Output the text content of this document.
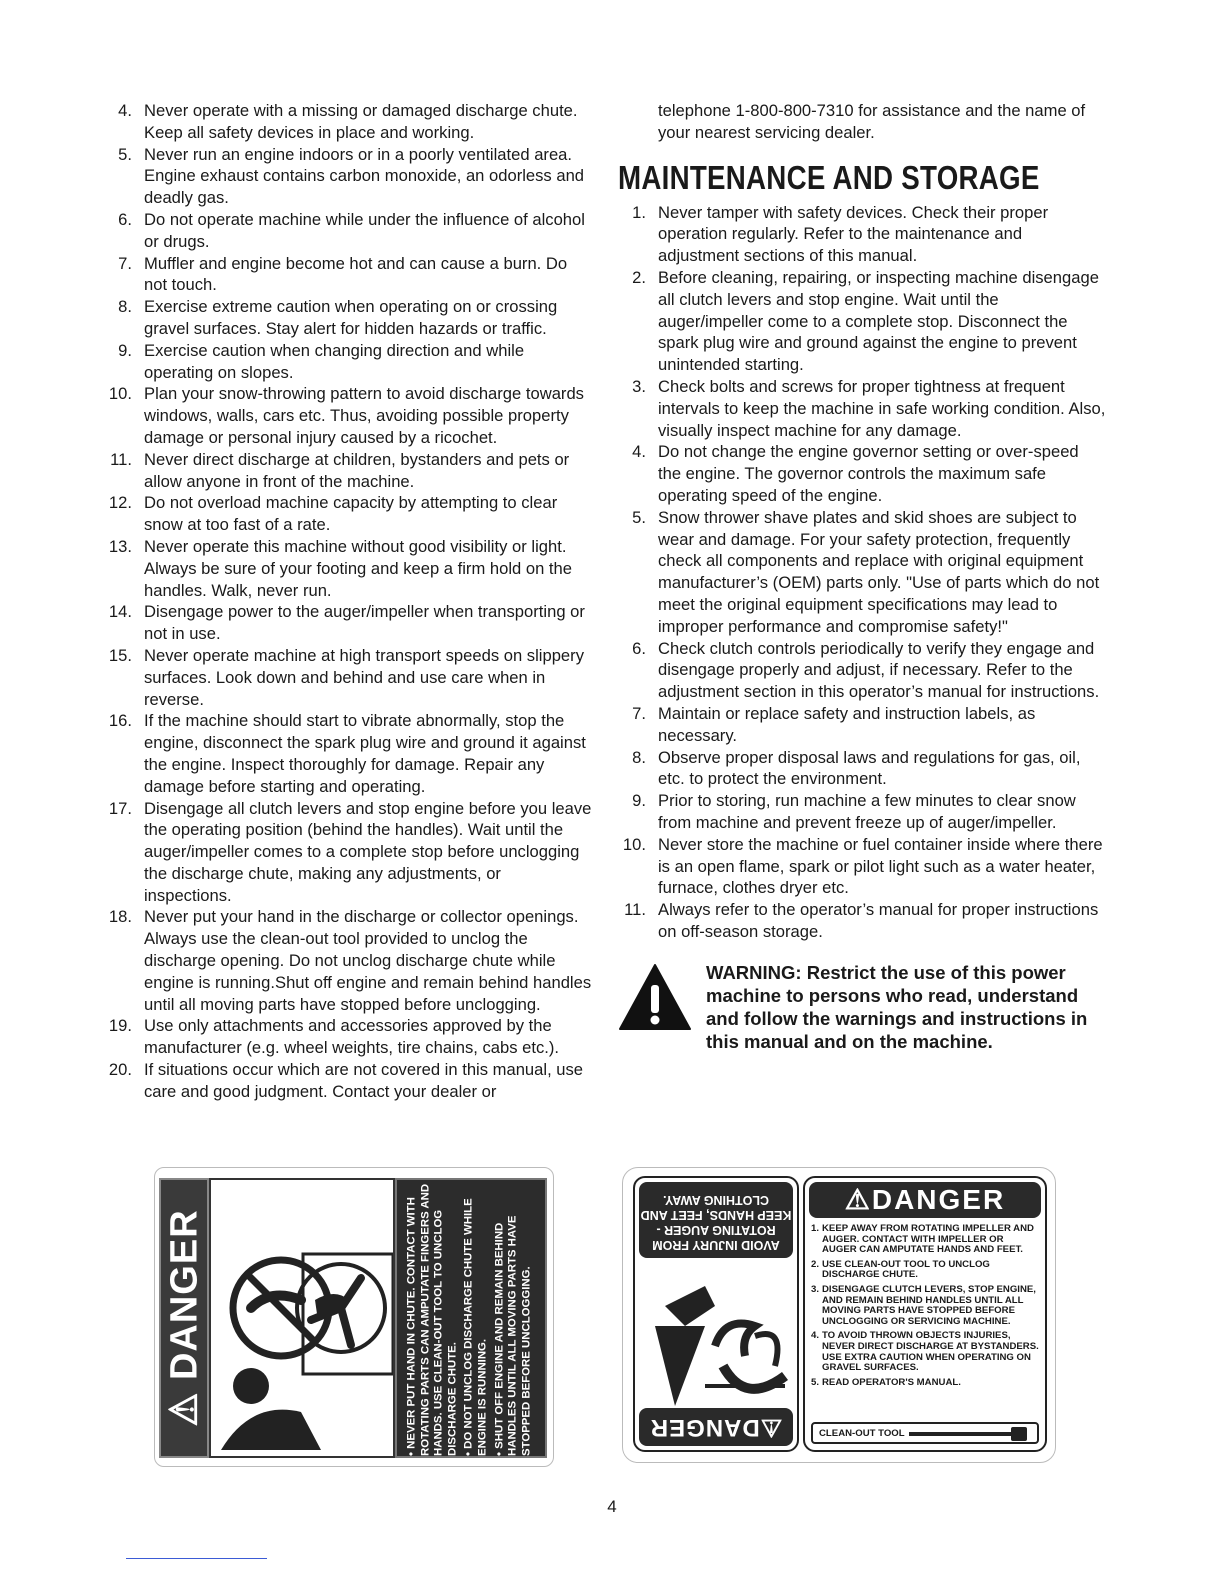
4. Never operate with a missing or damaged discharge chute. Keep all safety devices in place and working.
5. Never run an engine indoors or in a poorly ventilated area. Engine exhaust contains carbon monoxide, an odorless and deadly gas.
6. Do not operate machine while under the influence of alcohol or drugs.
7. Muffler and engine become hot and can cause a burn. Do not touch.
8. Exercise extreme caution when operating on or crossing gravel surfaces. Stay alert for hidden hazards or traffic.
9. Exercise caution when changing direction and while operating on slopes.
10. Plan your snow-throwing pattern to avoid discharge towards windows, walls, cars etc. Thus, avoiding possible property damage or personal injury caused by a ricochet.
11. Never direct discharge at children, bystanders and pets or allow anyone in front of the machine.
12. Do not overload machine capacity by attempting to clear snow at too fast of a rate.
13. Never operate this machine without good visibility or light. Always be sure of your footing and keep a firm hold on the handles. Walk, never run.
14. Disengage power to the auger/impeller when transporting or not in use.
15. Never operate machine at high transport speeds on slippery surfaces. Look down and behind and use care when in reverse.
16. If the machine should start to vibrate abnormally, stop the engine, disconnect the spark plug wire and ground it against the engine. Inspect thoroughly for damage. Repair any damage before starting and operating.
17. Disengage all clutch levers and stop engine before you leave the operating position (behind the handles). Wait until the auger/impeller comes to a complete stop before unclogging the discharge chute, making any adjustments, or inspections.
18. Never put your hand in the discharge or collector openings. Always use the clean-out tool provided to unclog the discharge opening. Do not unclog discharge chute while engine is running.Shut off engine and remain behind handles until all moving parts have stopped before unclogging.
19. Use only attachments and accessories approved by the manufacturer (e.g. wheel weights, tire chains, cabs etc.).
20. If situations occur which are not covered in this manual, use care and good judgment. Contact your dealer or

telephone 1-800-800-7310 for assistance and the name of your nearest servicing dealer.

MAINTENANCE AND STORAGE
1. Never tamper with safety devices. Check their proper operation regularly. Refer to the maintenance and adjustment sections of this manual.
2. Before cleaning, repairing, or inspecting machine disengage all clutch levers and stop engine. Wait until the auger/impeller come to a complete stop. Disconnect the spark plug wire and ground against the engine to prevent unintended starting.
3. Check bolts and screws for proper tightness at frequent intervals to keep the machine in safe working condition. Also, visually inspect machine for any damage.
4. Do not change the engine governor setting or over-speed the engine. The governor controls the maximum safe operating speed of the engine.
5. Snow thrower shave plates and skid shoes are subject to wear and damage. For your safety protection, frequently check all components and replace with original equipment manufacturer’s (OEM) parts only. "Use of parts which do not meet the original equipment specifications may lead to improper performance and compromise safety!"
6. Check clutch controls periodically to verify they engage and disengage properly and adjust, if necessary. Refer to the adjustment section in this operator’s manual for instructions.
7. Maintain or replace safety and instruction labels, as necessary.
8. Observe proper disposal laws and regulations for gas, oil, etc. to protect the environment.
9. Prior to storing, run machine a few minutes to clear snow from machine and prevent freeze up of auger/impeller.
10. Never store the machine or fuel container inside where there is an open flame, spark or pilot light such as a water heater, furnace, clothes dryer etc.
11. Always refer to the operator’s manual for proper instructions on off-season storage.

WARNING: Restrict the use of this power machine to persons who read, understand and follow the warnings and instructions in this manual and on the machine.

⚠ DANGER	• NEVER PUT HAND IN CHUTE. CONTACT WITH ROTATING PARTS CAN AMPUTATE FINGERS AND HANDS. USE CLEAN-OUT TOOL TO UNCLOG DISCHARGE CHUTE. • DO NOT UNCLOG DISCHARGE CHUTE WHILE ENGINE IS RUNNING. • SHUT OFF ENGINE AND REMAIN BEHIND HANDLES UNTIL ALL MOVING PARTS HAVE STOPPED BEFORE UNCLOGGING.

AVOID INJURY FROM ROTATING AUGER - KEEP HANDS, FEET AND CLOTHING AWAY.
⚠DANGER
⚠DANGER
1. KEEP AWAY FROM ROTATING IMPELLER AND AUGER. CONTACT WITH IMPELLER OR AUGER CAN AMPUTATE HANDS AND FEET.
2. USE CLEAN-OUT TOOL TO UNCLOG DISCHARGE CHUTE.
3. DISENGAGE CLUTCH LEVERS, STOP ENGINE, AND REMAIN BEHIND HANDLES UNTIL ALL MOVING PARTS HAVE STOPPED BEFORE UNCLOGGING OR SERVICING MACHINE.
4. TO AVOID THROWN OBJECTS INJURIES, NEVER DIRECT DISCHARGE AT BYSTANDERS. USE EXTRA CAUTION WHEN OPERATING ON GRAVEL SURFACES.
5. READ OPERATOR'S MANUAL.
CLEAN-OUT TOOL
4
